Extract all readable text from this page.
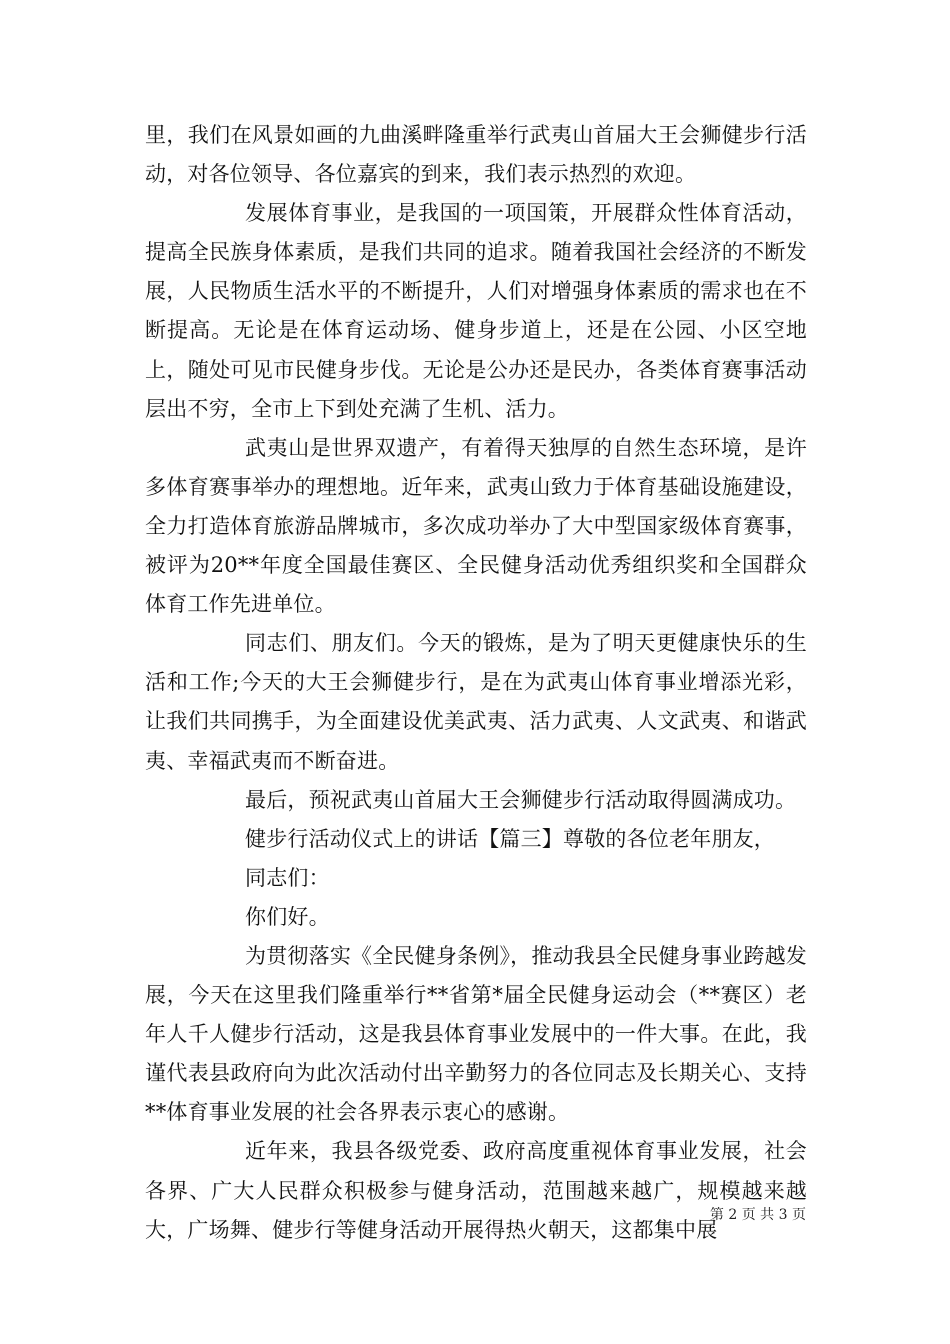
里，我们在风景如画的九曲溪畔隆重举行武夷山首届大王会狮健步行活动，对各位领导、各位嘉宾的到来，我们表示热烈的欢迎。

发展体育事业，是我国的一项国策，开展群众性体育活动，提高全民族身体素质，是我们共同的追求。随着我国社会经济的不断发展，人民物质生活水平的不断提升，人们对增强身体素质的需求也在不断提高。无论是在体育运动场、健身步道上，还是在公园、小区空地上，随处可见市民健身步伐。无论是公办还是民办，各类体育赛事活动层出不穷，全市上下到处充满了生机、活力。

武夷山是世界双遗产，有着得天独厚的自然生态环境，是许多体育赛事举办的理想地。近年来，武夷山致力于体育基础设施建设，全力打造体育旅游品牌城市，多次成功举办了大中型国家级体育赛事，被评为20**年度全国最佳赛区、全民健身活动优秀组织奖和全国群众体育工作先进单位。

同志们、朋友们。今天的锻炼，是为了明天更健康快乐的生活和工作;今天的大王会狮健步行，是在为武夷山体育事业增添光彩，让我们共同携手，为全面建设优美武夷、活力武夷、人文武夷、和谐武夷、幸福武夷而不断奋进。

最后，预祝武夷山首届大王会狮健步行活动取得圆满成功。

健步行活动仪式上的讲话【篇三】尊敬的各位老年朋友，

同志们：

你们好。

为贯彻落实《全民健身条例》，推动我县全民健身事业跨越发展，今天在这里我们隆重举行**省第*届全民健身运动会（**赛区）老年人千人健步行活动，这是我县体育事业发展中的一件大事。在此，我谨代表县政府向为此次活动付出辛勤努力的各位同志及长期关心、支持**体育事业发展的社会各界表示衷心的感谢。

近年来，我县各级党委、政府高度重视体育事业发展，社会各界、广大人民群众积极参与健身活动，范围越来越广，规模越来越大，广场舞、健步行等健身活动开展得热火朝天，这都集中展

第 2 页 共 3 页
